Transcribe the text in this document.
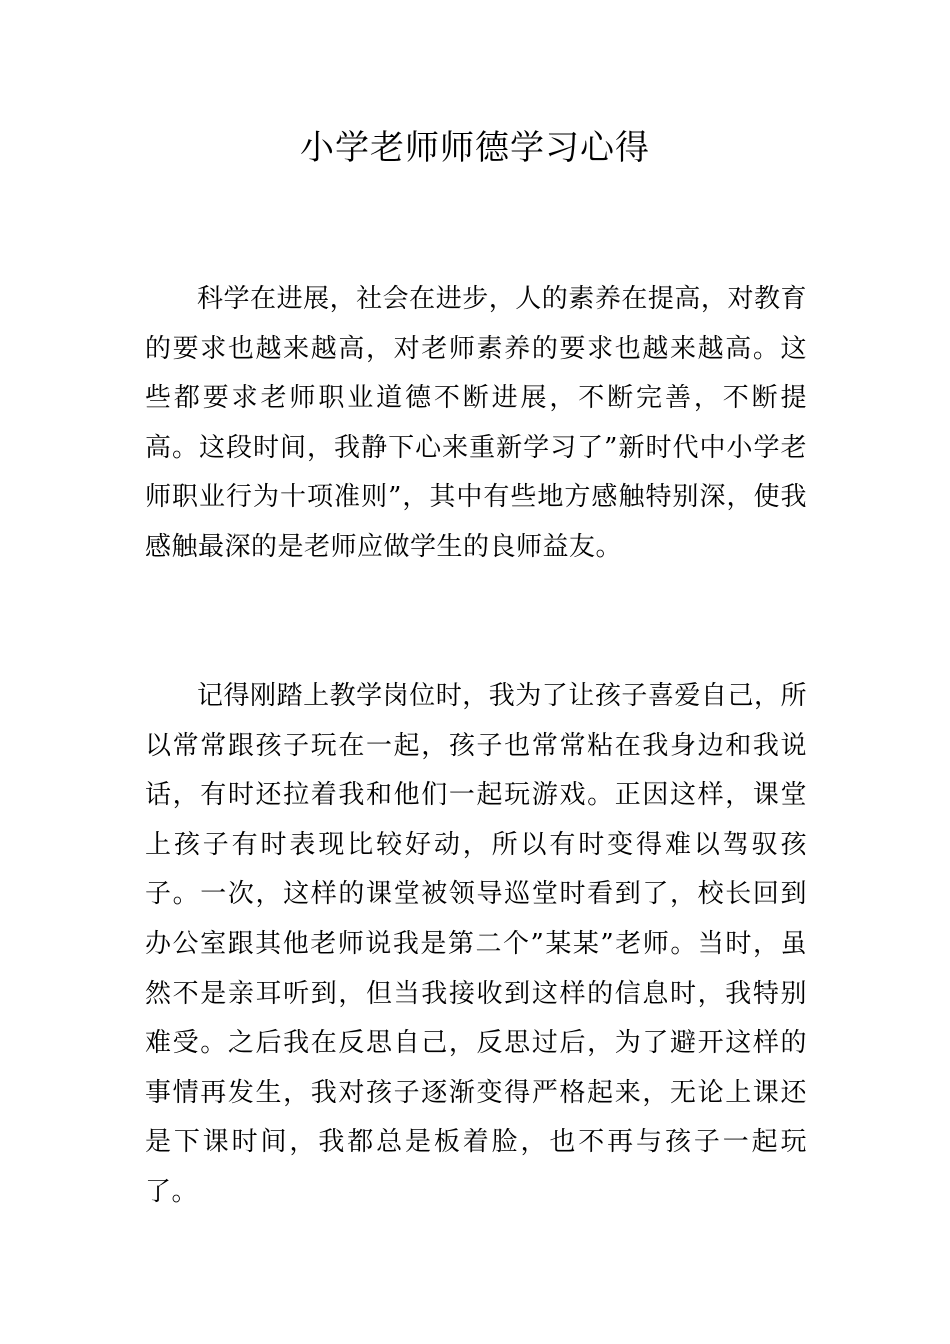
小学老师师德学习心得

科学在进展，社会在进步，人的素养在提高，对教育的要求也越来越高，对老师素养的要求也越来越高。这些都要求老师职业道德不断进展，不断完善，不断提高。这段时间，我静下心来重新学习了”新时代中小学老师职业行为十项准则”，其中有些地方感触特别深，使我感触最深的是老师应做学生的良师益友。

记得刚踏上教学岗位时，我为了让孩子喜爱自己，所以常常跟孩子玩在一起，孩子也常常粘在我身边和我说话，有时还拉着我和他们一起玩游戏。正因这样，课堂上孩子有时表现比较好动，所以有时变得难以驾驭孩子。一次，这样的课堂被领导巡堂时看到了，校长回到办公室跟其他老师说我是第二个”某某”老师。当时，虽然不是亲耳听到，但当我接收到这样的信息时，我特别难受。之后我在反思自己，反思过后，为了避开这样的事情再发生，我对孩子逐渐变得严格起来，无论上课还是下课时间，我都总是板着脸，也不再与孩子一起玩了。
